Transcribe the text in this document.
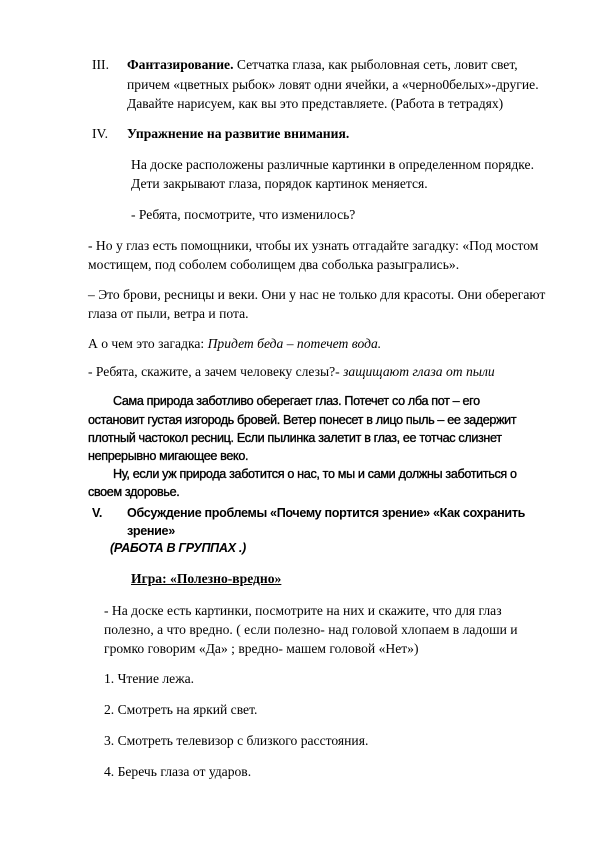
III. Фантазирование. Сетчатка глаза, как рыболовная сеть, ловит свет,
причем «цветных рыбок» ловят одни ячейки, а «черно0белых»-другие.
Давайте нарисуем, как вы это представляете. (Работа в тетрадях)
IV. Упражнение на развитие внимания.
На доске расположены различные картинки в определенном порядке.
Дети закрывают глаза, порядок картинок меняется.
- Ребята, посмотрите, что изменилось?
- Но у глаз есть помощники, чтобы их узнать отгадайте загадку: «Под мостом
мостищем, под соболем соболищем два соболька разыгрались».
– Это брови, ресницы и веки. Они у нас не только для красоты. Они оберегают
глаза от пыли, ветра и пота.
А о чем это загадка: Придет беда – потечет вода.
- Ребята, скажите, а зачем человеку слезы?- защищают глаза от пыли
Сама природа заботливо оберегает глаз. Потечет со лба пот – его
остановит густая изгородь бровей. Ветер понесет в лицо пыль – ее задержит
плотный частокол ресниц. Если пылинка залетит в глаз, ее тотчас слизнет
непрерывно мигающее веко.
Ну, если уж природа заботится о нас, то мы и сами должны заботиться о
своем здоровье.
V. Обсуждение проблемы «Почему портится зрение» «Как сохранить
зрение»
(РАБОТА В ГРУППАХ .)
Игра: «Полезно-вредно»
- На доске есть картинки, посмотрите на них и скажите, что для глаз
полезно, а что вредно. ( если полезно- над головой хлопаем в ладоши и
громко говорим «Да» ; вредно- машем головой «Нет»)
1. Чтение лежа.
2. Смотреть на яркий свет.
3. Смотреть телевизор с близкого расстояния.
4. Беречь глаза от ударов.
